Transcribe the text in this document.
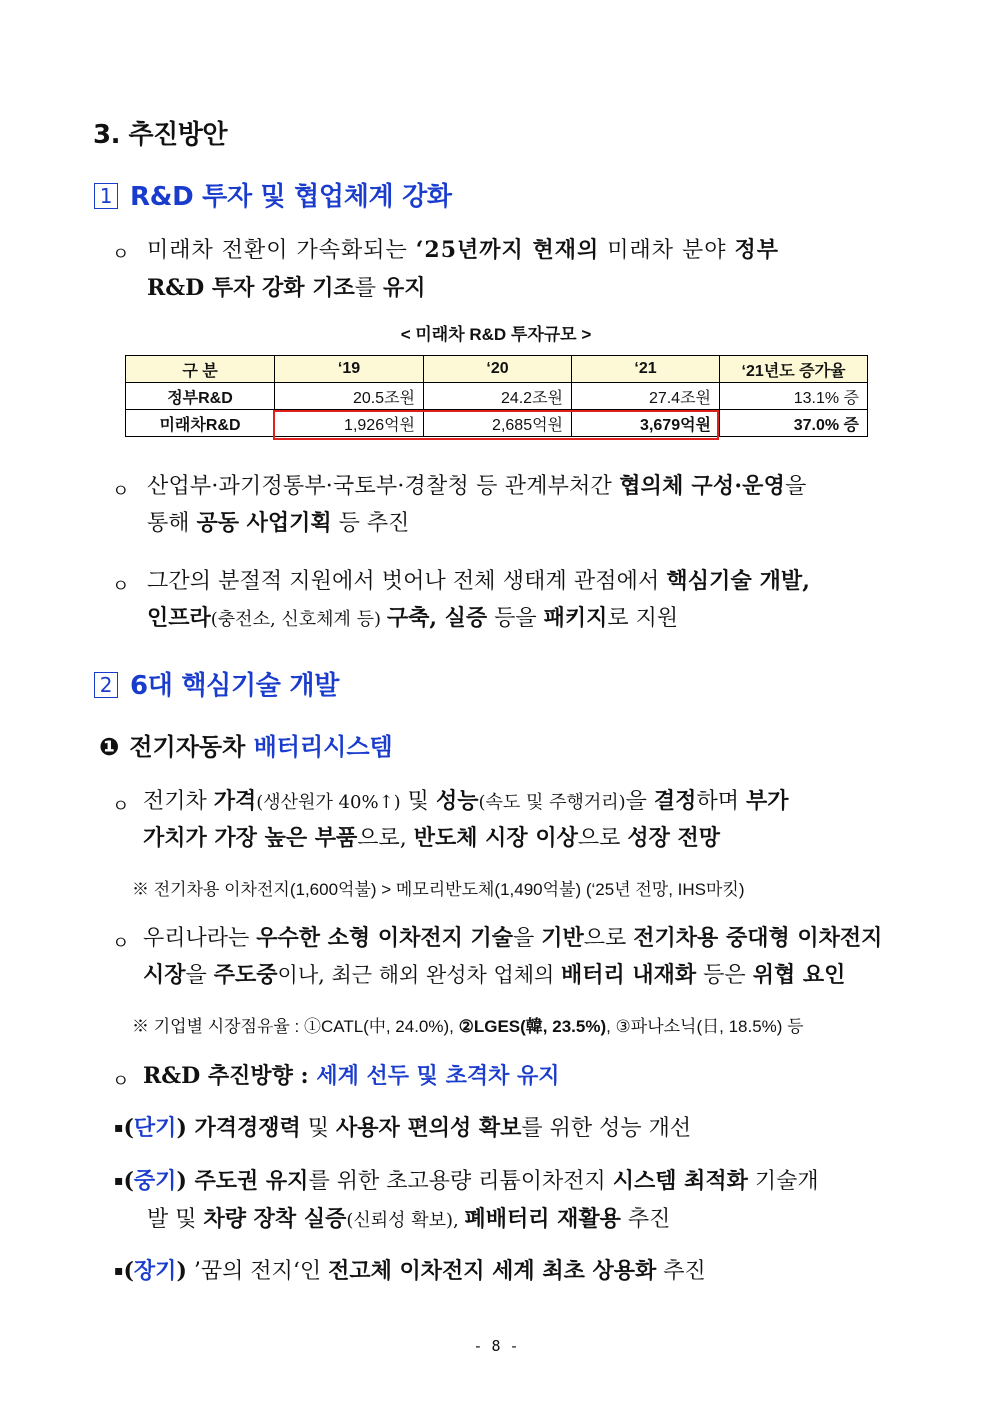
3. 추진방안
1 R&D 투자 및 협업체계 강화
ㅇ 미래차 전환이 가속화되는 ‘25년까지 현재의 미래차 분야 정부
R&D 투자 강화 기조를 유지
< 미래차 R&D 투자규모 >
구 분	‘19	‘20	‘21	‘21년도 증가율
정부R&D	20.5조원	24.2조원	27.4조원	13.1% 증
미래차R&D	1,926억원	2,685억원	3,679억원	37.0% 증
ㅇ 산업부·과기정통부·국토부·경찰청 등 관계부처간 협의체 구성·운영을
통해 공동 사업기획 등 추진
ㅇ 그간의 분절적 지원에서 벗어나 전체 생태계 관점에서 핵심기술 개발,
인프라(충전소, 신호체계 등) 구축, 실증 등을 패키지로 지원
2 6대 핵심기술 개발
❶ 전기자동차 배터리시스템
ㅇ 전기차 가격(생산원가 40%↑) 및 성능(속도 및 주행거리)을 결정하며 부가
가치가 가장 높은 부품으로, 반도체 시장 이상으로 성장 전망
※ 전기차용 이차전지(1,600억불) > 메모리반도체(1,490억불) (‘25년 전망, IHS마킷)
ㅇ 우리나라는 우수한 소형 이차전지 기술을 기반으로 전기차용 중대형 이차전지
시장을 주도중이나, 최근 해외 완성차 업체의 배터리 내재화 등은 위협 요인
※ 기업별 시장점유율 : ①CATL(中, 24.0%), ②LGES(韓, 23.5%), ③파나소닉(日, 18.5%) 등
ㅇ R&D 추진방향 : 세계 선두 및 초격차 유지
▪(단기) 가격경쟁력 및 사용자 편의성 확보를 위한 성능 개선
▪(중기) 주도권 유지를 위한 초고용량 리튬이차전지 시스템 최적화 기술개
발 및 차량 장착 실증(신뢰성 확보), 폐배터리 재활용 추진
▪(장기) ’꿈의 전지‘인 전고체 이차전지 세계 최초 상용화 추진
- 8 -
